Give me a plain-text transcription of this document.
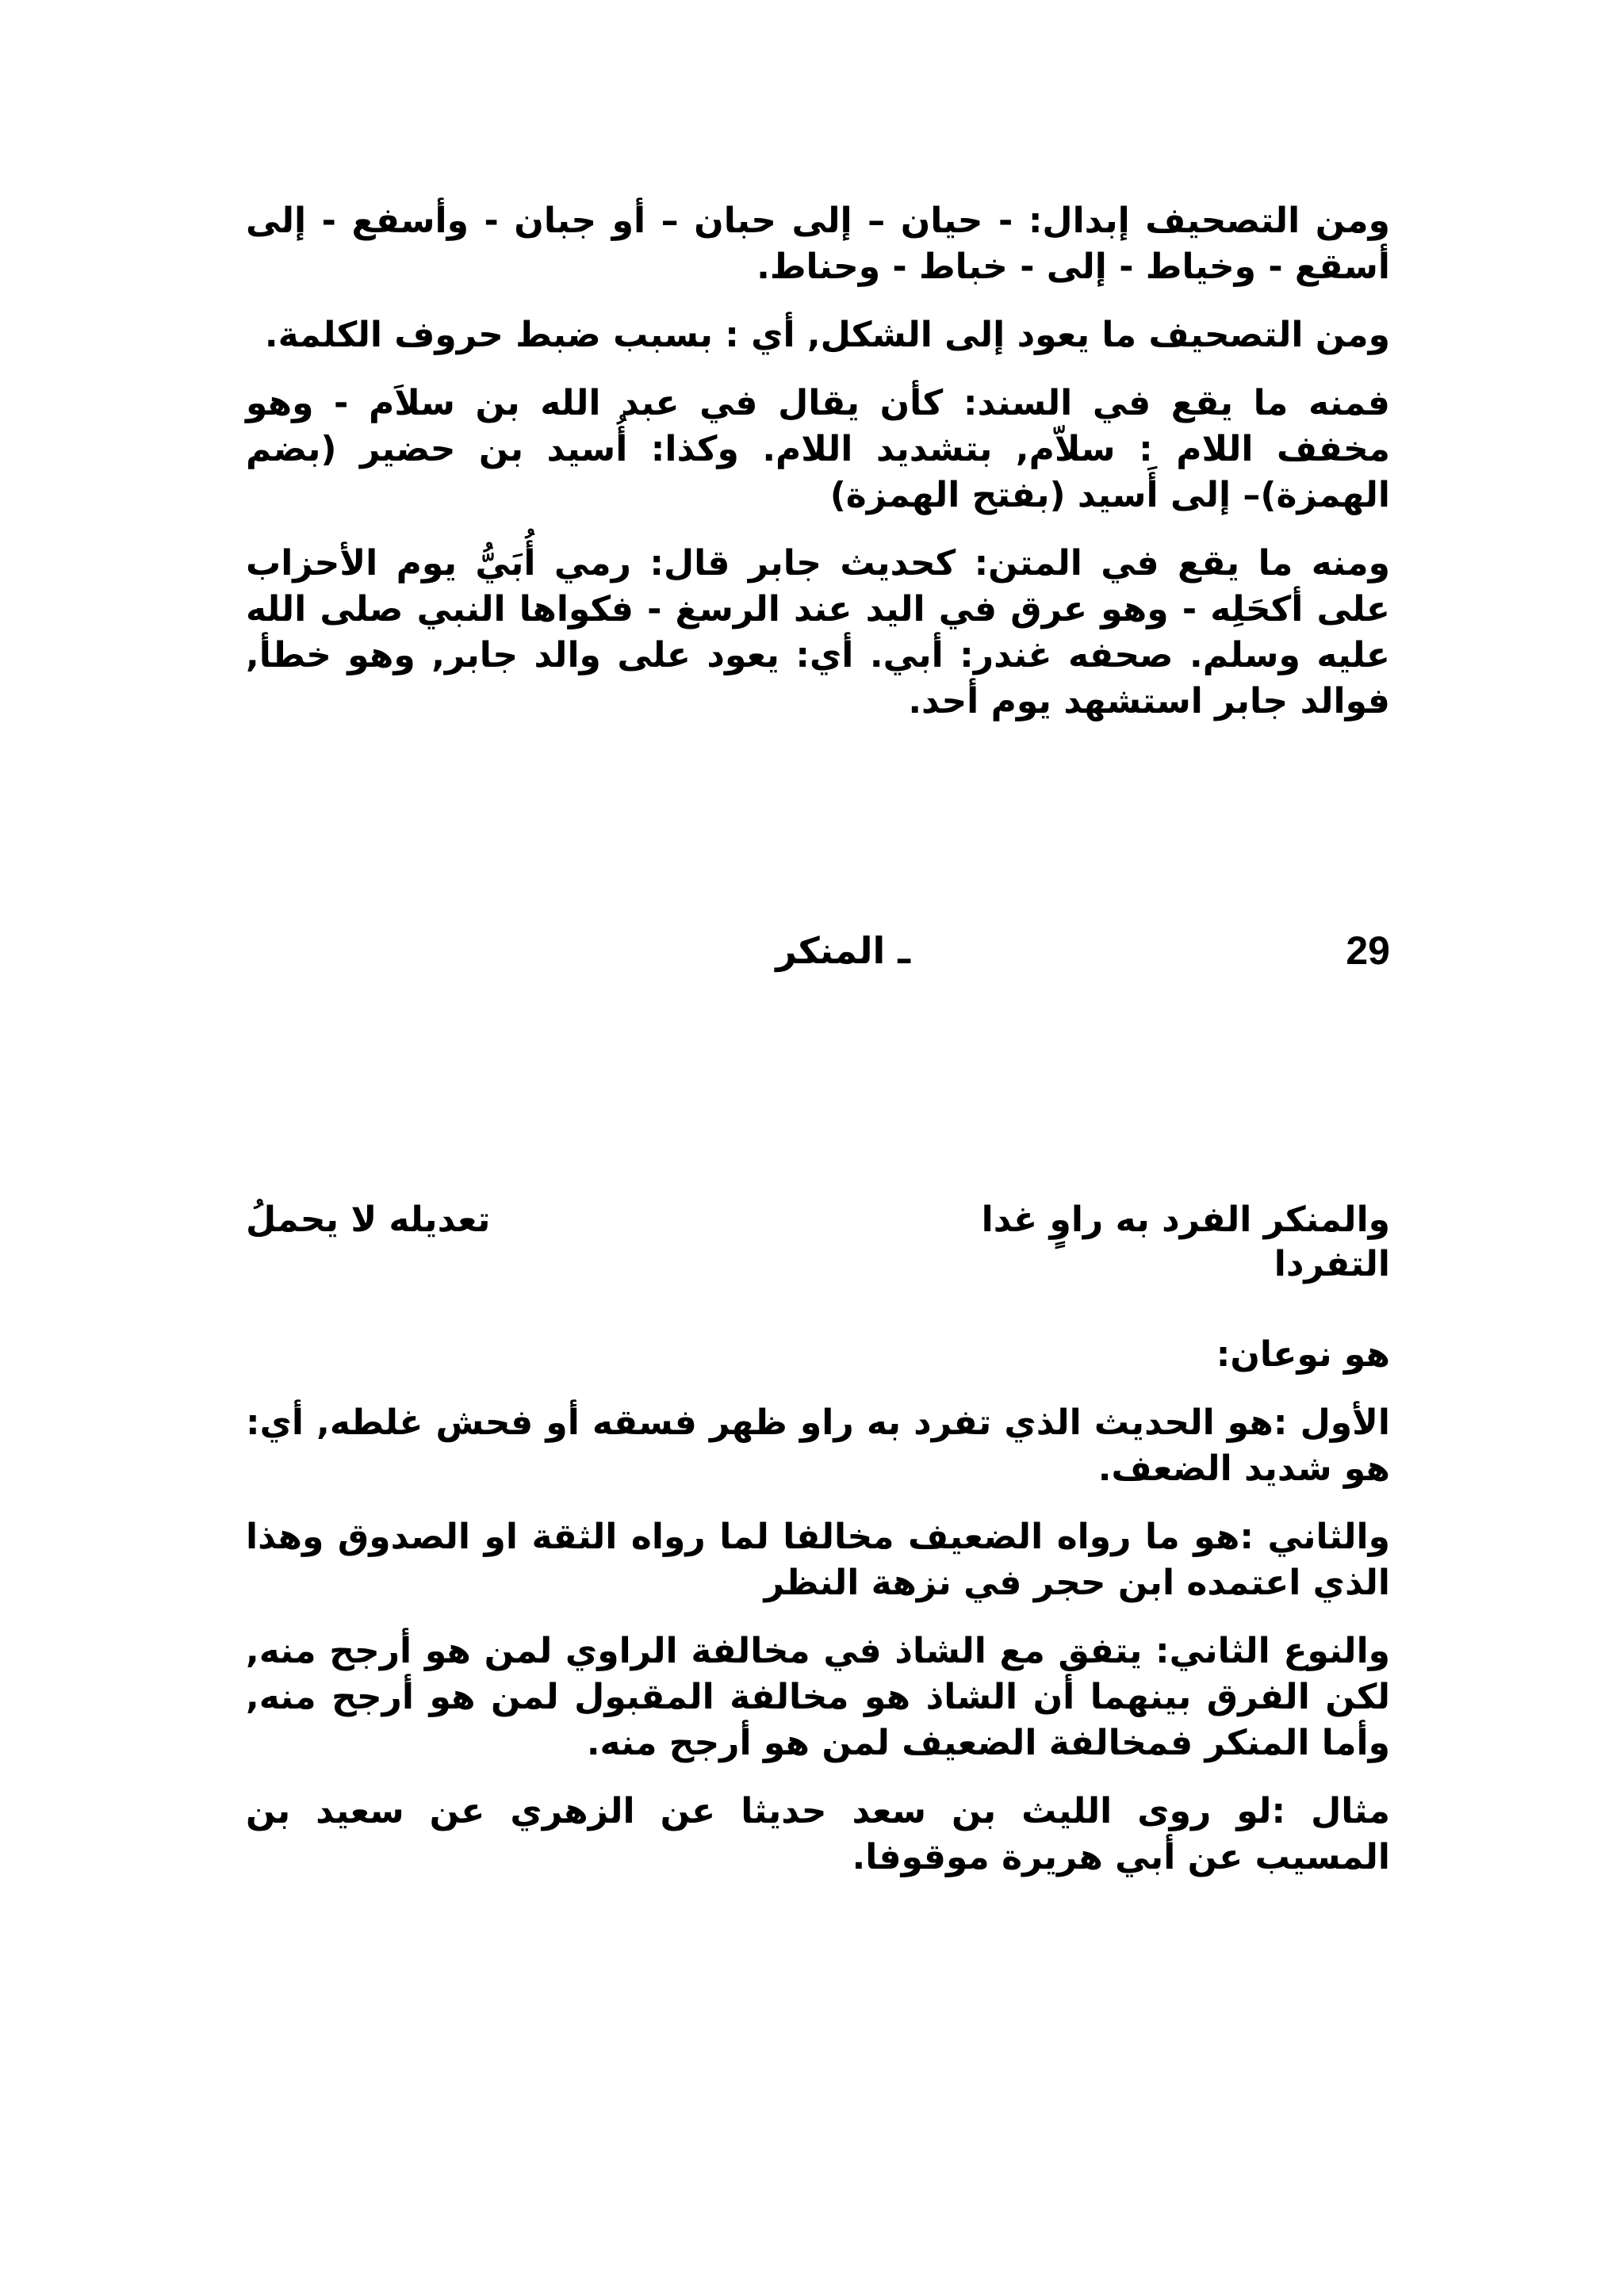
ومن التصحيف إبدال: - حيان – إلى حبان – أو جبان - وأسفع - إلى أسقع - وخياط - إلى - خباط - وحناط.

ومن التصحيف ما يعود إلى الشكل, أي : بسبب ضبط حروف الكلمة.

فمنه ما يقع في السند: كأن يقال في عبد الله بن سلاَم - وهو مخفف اللام : سلاّم, بتشديد اللام. وكذا: أُسيد بن حضير (بضم الهمزة)– إلى أَسيد (بفتح الهمزة)

ومنه ما يقع في المتن: كحديث جابر قال: رمي أُبَيُّ يوم الأحزاب على أكحَلِه - وهو عرق في اليد عند الرسغ - فكواها النبي صلى الله عليه وسلم. صحفه غندر: أبي. أي: يعود على والد جابر, وهو خطأ, فوالد جابر استشهد يوم أحد.

29
ـ المنكر
والمنكر الفرد به راوٍ غدا
تعديله لا يحملُ
التفردا

هو نوعان:

الأول :هو الحديث الذي تفرد به راو ظهر فسقه أو فحش غلطه, أي: هو شديد الضعف.

والثاني :هو ما رواه الضعيف مخالفا لما رواه الثقة او الصدوق وهذا الذي اعتمده ابن حجر في نزهة النظر

والنوع الثاني: يتفق مع الشاذ في مخالفة الراوي لمن هو أرجح منه, لكن الفرق بينهما أن الشاذ هو مخالفة المقبول لمن هو أرجح منه, وأما المنكر فمخالفة الضعيف لمن هو أرجح منه.

مثال :لو روى الليث بن سعد حديثا عن الزهري عن سعيد بن المسيب عن أبي هريرة موقوفا.
